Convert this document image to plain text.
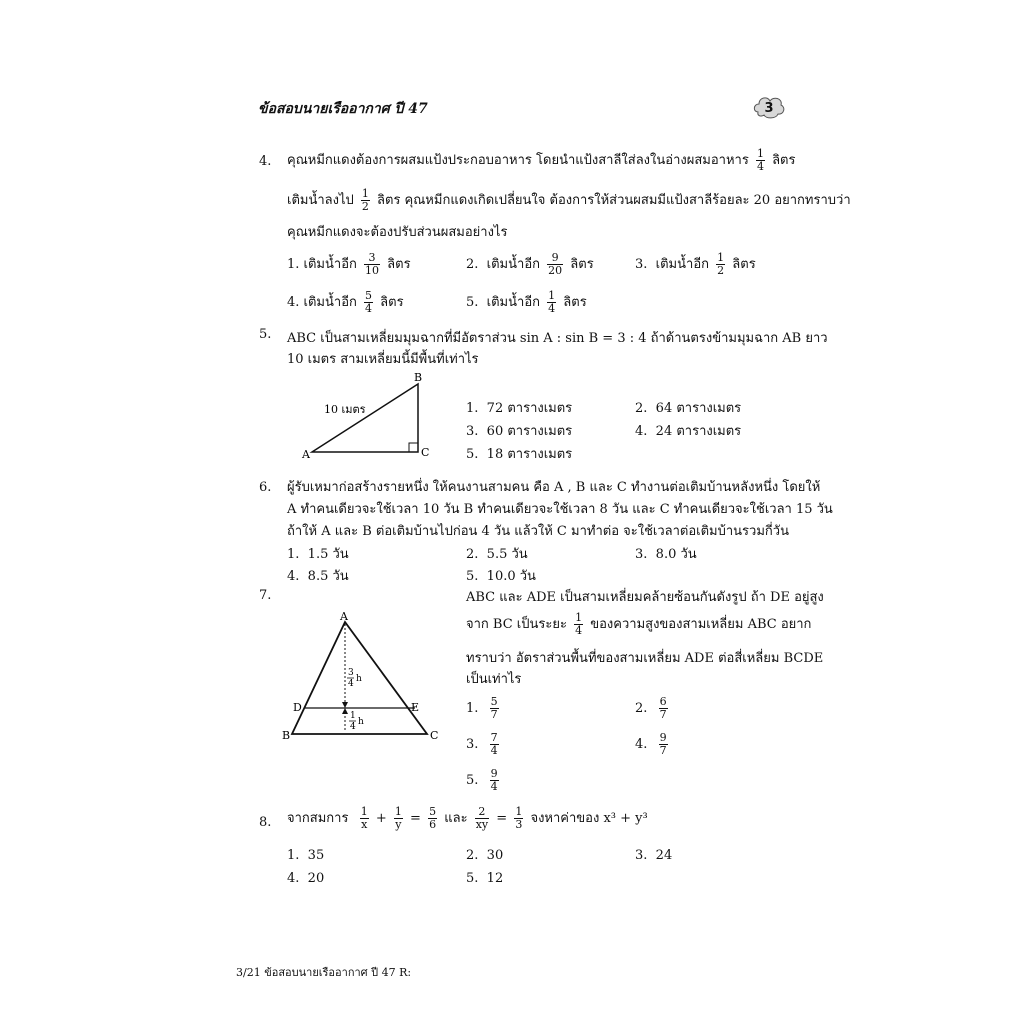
ข้อสอบนายเรืออากาศ ปี 47	3
4. คุณหมีกแดงต้องการผสมแป้งประกอบอาหาร โดยนำแป้งสาลีใส่ลงในอ่างผสมอาหาร $\frac{1}{4}$ ลิตร
เติมน้ำลงไป $\frac{1}{2}$ ลิตร คุณหมีกแดงเกิดเปลี่ยนใจ ต้องการให้ส่วนผสมมีแป้งสาลีร้อยละ 20 อยากทราบว่า
คุณหมีกแดงจะต้องปรับส่วนผสมอย่างไร
1. เติมน้ำอีก $\frac{3}{10}$ ลิตร	2. เติมน้ำอีก $\frac{9}{20}$ ลิตร	3. เติมน้ำอีก $\frac{1}{2}$ ลิตร
4. เติมน้ำอีก $\frac{5}{4}$ ลิตร	5. เติมน้ำอีก $\frac{1}{4}$ ลิตร
5. ABC เป็นสามเหลี่ยมมุมฉากที่มีอัตราส่วน sin A : sin B = 3 : 4 ถ้าด้านตรงข้ามมุมฉาก AB ยาว
10 เมตร สามเหลี่ยมนี้มีพื้นที่เท่าไร
A
B
C
10 เมตร	1. 72 ตารางเมตร	2. 64 ตารางเมตร
3. 60 ตารางเมตร	4. 24 ตารางเมตร
5. 18 ตารางเมตร
6. ผู้รับเหมาก่อสร้างรายหนึ่ง ให้คนงานสามคน คือ A , B และ C ทำงานต่อเติมบ้านหลังหนึ่ง โดยให้
A ทำคนเดียวจะใช้เวลา 10 วัน B ทำคนเดียวจะใช้เวลา 8 วัน และ C ทำคนเดียวจะใช้เวลา 15 วัน
ถ้าให้ A และ B ต่อเติมบ้านไปก่อน 4 วัน แล้วให้ C มาทำต่อ จะใช้เวลาต่อเติมบ้านรวมกี่วัน
1. 1.5 วัน	2. 5.5 วัน	3. 8.0 วัน
4. 8.5 วัน	5. 10.0 วัน
7.	ABC และ ADE เป็นสามเหลี่ยมคล้ายซ้อนกันดังรูป ถ้า DE อยู่สูง
จาก BC เป็นระยะ $\frac{1}{4}$ ของความสูงของสามเหลี่ยม ABC อยาก
ทราบว่า อัตราส่วนพื้นที่ของสามเหลี่ยม ADE ต่อสี่เหลี่ยม BCDE
เป็นเท่าไร
A
B	C
D	E
3
4 h
1
4 h
1. $\frac{5}{7}$	2. $\frac{6}{7}$
3. $\frac{7}{4}$	4. $\frac{9}{7}$
5. $\frac{9}{4}$
8. จากสมการ $\frac{1}{x} + \frac{1}{y} = \frac{5}{6}$ และ $\frac{2}{xy} = \frac{1}{3}$ จงหาค่าของ x³ + y³
1. 35	2. 30	3. 24
4. 20	5. 12
3/21 ข้อสอบนายเรืออากาศ ปี 47 R:
